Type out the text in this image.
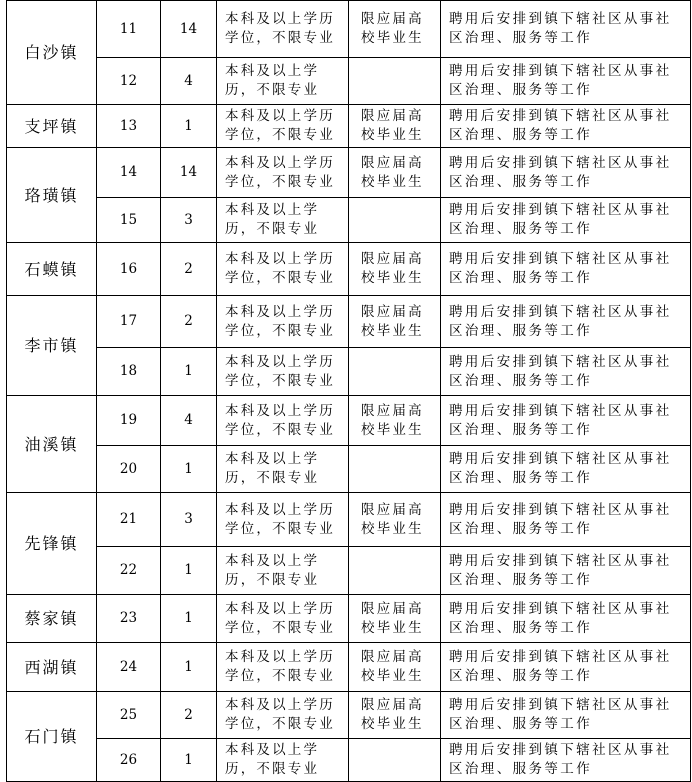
白沙镇	11	14	本科及以上学历学位，不限专业	限应届高校毕业生	聘用后安排到镇下辖社区从事社区治理、服务等工作
	12	4	本科及以上学历，不限专业		聘用后安排到镇下辖社区从事社区治理、服务等工作
支坪镇	13	1	本科及以上学历学位，不限专业	限应届高校毕业生	聘用后安排到镇下辖社区从事社区治理、服务等工作
珞璜镇	14	14	本科及以上学历学位，不限专业	限应届高校毕业生	聘用后安排到镇下辖社区从事社区治理、服务等工作
	15	3	本科及以上学历，不限专业		聘用后安排到镇下辖社区从事社区治理、服务等工作
石蟆镇	16	2	本科及以上学历学位，不限专业	限应届高校毕业生	聘用后安排到镇下辖社区从事社区治理、服务等工作
李市镇	17	2	本科及以上学历学位，不限专业	限应届高校毕业生	聘用后安排到镇下辖社区从事社区治理、服务等工作
	18	1	本科及以上学历学位，不限专业		聘用后安排到镇下辖社区从事社区治理、服务等工作
油溪镇	19	4	本科及以上学历学位，不限专业	限应届高校毕业生	聘用后安排到镇下辖社区从事社区治理、服务等工作
	20	1	本科及以上学历，不限专业		聘用后安排到镇下辖社区从事社区治理、服务等工作
先锋镇	21	3	本科及以上学历学位，不限专业	限应届高校毕业生	聘用后安排到镇下辖社区从事社区治理、服务等工作
	22	1	本科及以上学历，不限专业		聘用后安排到镇下辖社区从事社区治理、服务等工作
蔡家镇	23	1	本科及以上学历学位，不限专业	限应届高校毕业生	聘用后安排到镇下辖社区从事社区治理、服务等工作
西湖镇	24	1	本科及以上学历学位，不限专业	限应届高校毕业生	聘用后安排到镇下辖社区从事社区治理、服务等工作
石门镇	25	2	本科及以上学历学位，不限专业	限应届高校毕业生	聘用后安排到镇下辖社区从事社区治理、服务等工作
	26	1	本科及以上学历，不限专业		聘用后安排到镇下辖社区从事社区治理、服务等工作
